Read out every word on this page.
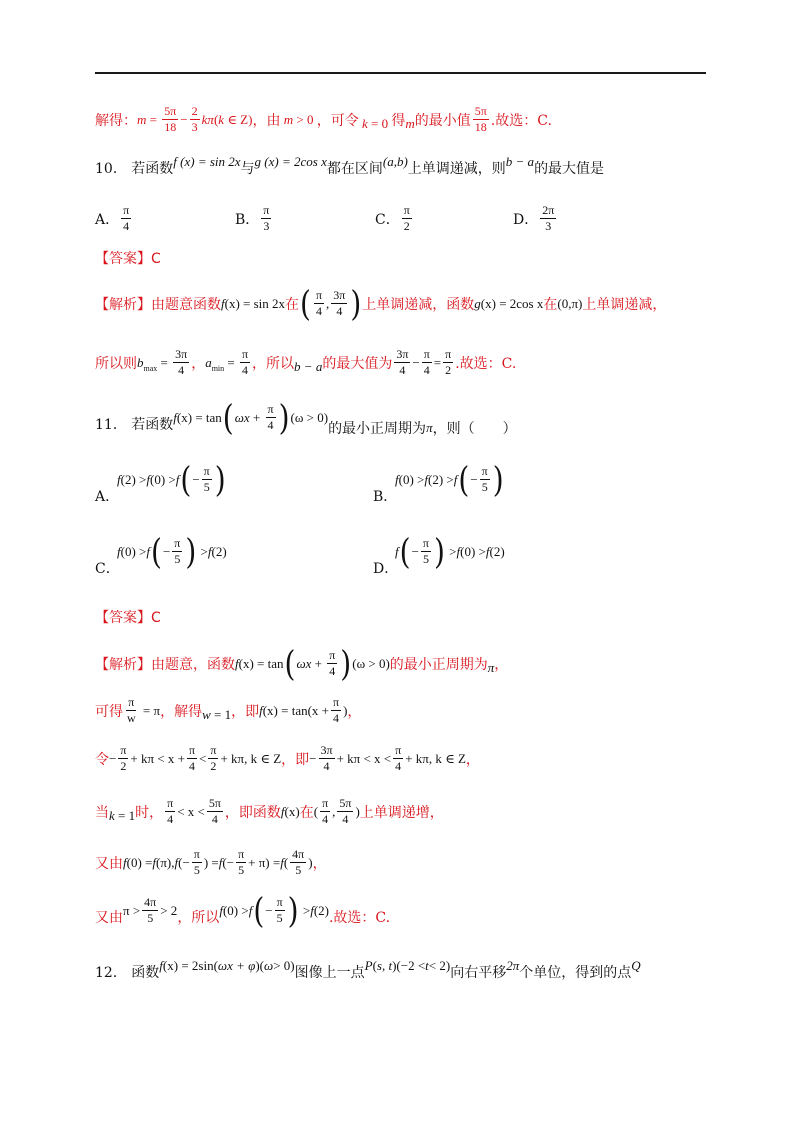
解得： $m = \frac{5\pi}{18} - \frac{2}{3}$ kπ ( k ∈ Z) ，由 m > 0 ，可令 k = 0 得 m 的最小值 $\frac{5\pi}{18}$ .故选：C.
10．
若函数 f (x) = sin 2x 与 g (x) = 2cos x 都在区间 (a,b) 上单调递减，则 b − a 的最大值是
A． $\frac{\pi}{4}$	B． $\frac{\pi}{3}$	C． $\frac{\pi}{2}$	D． $\frac{2\pi}{3}$
【答案】C
【解析】 由题意函数 f (x) = sin 2x 在 ( $\frac{\pi}{4}$ , $\frac{3\pi}{4}$ ) 上单调递减，函数 g (x) = 2cos x 在 (0,π) 上单调递减，
所以则 $b_{max} = \frac{3\pi}{4}$ ， $a_{min} = \frac{\pi}{4}$ ，所以 b − a 的最大值为 $\frac{3\pi}{4} - \frac{\pi}{4} = \frac{\pi}{2}$ .故选：C.
11．
若函数 f (x) = tan ( $\omega x + \frac{\pi}{4}$ ) (ω > 0)
的最小正周期为 π ，则（　　）
A．
f (2) > f (0) > f ( − $\frac{\pi}{5}$ )	B．
f (0) > f (2) > f ( − $\frac{\pi}{5}$ )
C．
f (0) > f ( − $\frac{\pi}{5}$ ) > f (2)
D．
f ( − $\frac{\pi}{5}$ ) > f (0) > f (2)
【答案】C
【解析】 由题意，函数 f (x) = tan ( $\omega x + \frac{\pi}{4}$ ) (ω > 0) 的最小正周期为 π ，
可得 $\frac{\pi}{w} = \pi$ ，解得 w = 1 ，即 f $(x) = \tan(x + \frac{\pi}{4}$ ) ，
令 − $\frac{\pi}{2} + k\pi < x + \frac{\pi}{4} < \frac{\pi}{2} + k\pi$, k ∈ Z ，即 − $\frac{3\pi}{4} + k\pi < x < \frac{\pi}{4} + k\pi$, k ∈ Z ，
当 k = 1 时， $\frac{\pi}{4} < x < \frac{5\pi}{4}$ ，即函数 f (x) 在 ( $\frac{\pi}{4}$ , $\frac{5\pi}{4}$ ) 上单调递增，
又由 f (0) = f (π), f (− $\frac{\pi}{5}$ ) = f (− $\frac{\pi}{5} + \pi) = f$ ( $\frac{4\pi}{5}$ ) ，
又由 $\pi > \frac{4\pi}{5} > 2$ ，所以 f (0) > f ( − $\frac{\pi}{5}$ ) > f (2) .故选：C.
12．
函数 f (x) = 2sin( ωx + φ )( ω > 0) 图像上一点 P ( s, t )(−2 < t < 2) 向右平移 2π 个单位，得到的点 Q
